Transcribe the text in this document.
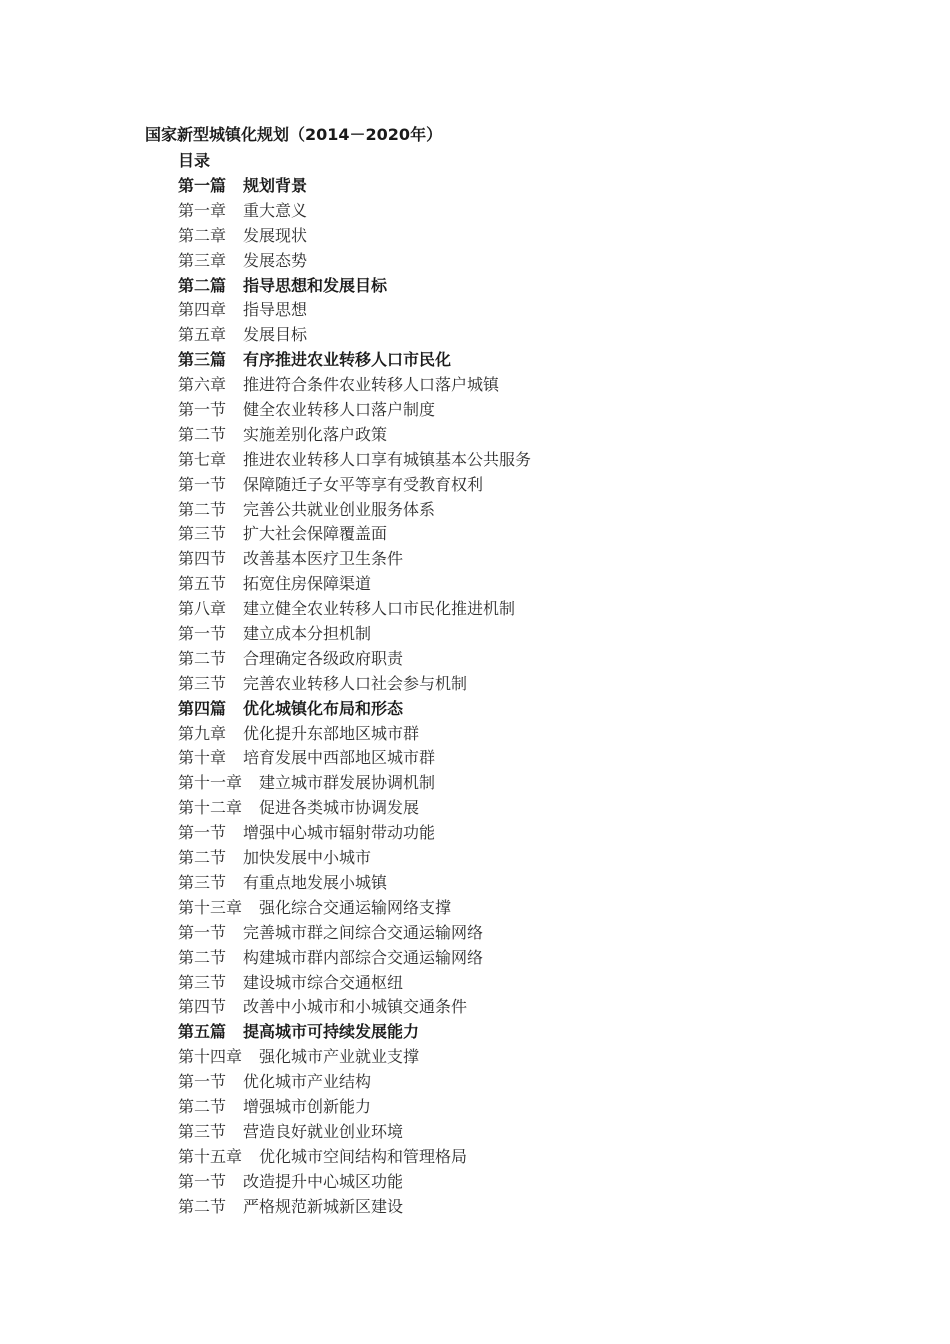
国家新型城镇化规划（2014－2020年）
目录
第一篇 规划背景
第一章 重大意义
第二章 发展现状
第三章 发展态势
第二篇 指导思想和发展目标
第四章 指导思想
第五章 发展目标
第三篇 有序推进农业转移人口市民化
第六章 推进符合条件农业转移人口落户城镇
第一节 健全农业转移人口落户制度
第二节 实施差别化落户政策
第七章 推进农业转移人口享有城镇基本公共服务
第一节 保障随迁子女平等享有受教育权利
第二节 完善公共就业创业服务体系
第三节 扩大社会保障覆盖面
第四节 改善基本医疗卫生条件
第五节 拓宽住房保障渠道
第八章 建立健全农业转移人口市民化推进机制
第一节 建立成本分担机制
第二节 合理确定各级政府职责
第三节 完善农业转移人口社会参与机制
第四篇 优化城镇化布局和形态
第九章 优化提升东部地区城市群
第十章 培育发展中西部地区城市群
第十一章 建立城市群发展协调机制
第十二章 促进各类城市协调发展
第一节 增强中心城市辐射带动功能
第二节 加快发展中小城市
第三节 有重点地发展小城镇
第十三章 强化综合交通运输网络支撑
第一节 完善城市群之间综合交通运输网络
第二节 构建城市群内部综合交通运输网络
第三节 建设城市综合交通枢纽
第四节 改善中小城市和小城镇交通条件
第五篇 提高城市可持续发展能力
第十四章 强化城市产业就业支撑
第一节 优化城市产业结构
第二节 增强城市创新能力
第三节 营造良好就业创业环境
第十五章 优化城市空间结构和管理格局
第一节 改造提升中心城区功能
第二节 严格规范新城新区建设
